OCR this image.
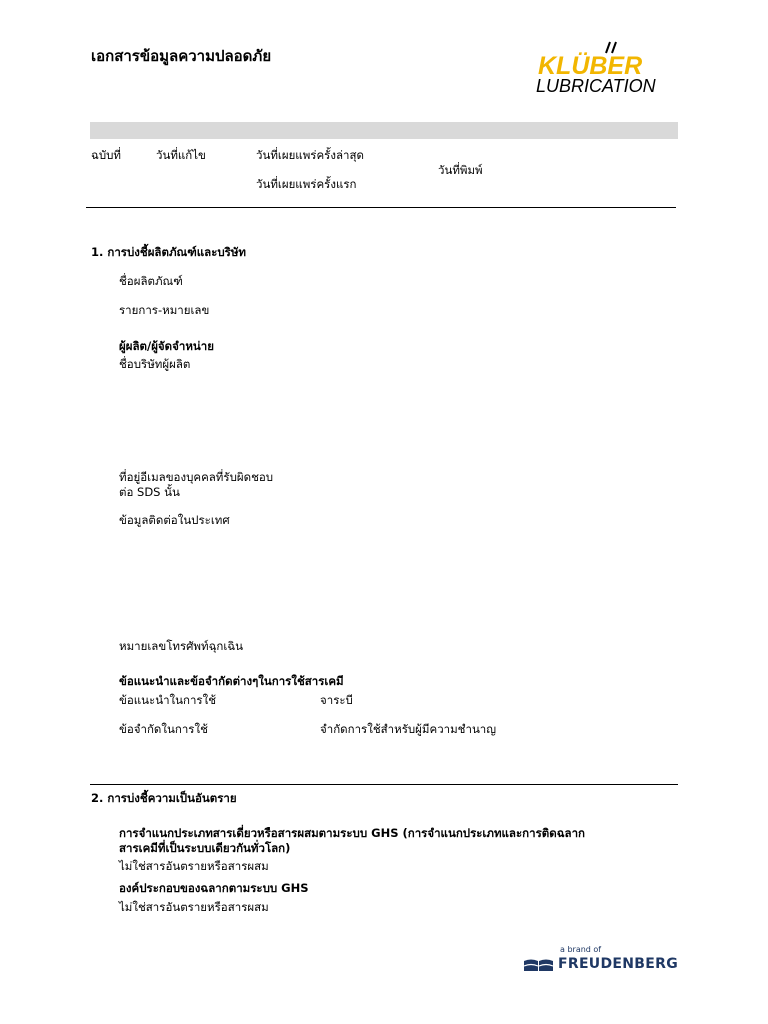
เอกสารข้อมูลความปลอดภัย	KLÜBER
LUBRICATION
ฉบับที่	วันที่แก้ไข	วันที่เผยแพร่ครั้งล่าสุด
วันที่เผยแพร่ครั้งแรก
วันที่พิมพ์
1. การบ่งชี้ผลิตภัณฑ์และบริษัท
ชื่อผลิตภัณฑ์
รายการ-หมายเลข
ผู้ผลิต/ผู้จัดจำหน่าย
ชื่อบริษัทผู้ผลิต
ที่อยู่อีเมลของบุคคลที่รับผิดชอบ
ต่อ SDS นั้น
ข้อมูลติดต่อในประเทศ
หมายเลขโทรศัพท์ฉุกเฉิน
ข้อแนะนำและข้อจำกัดต่างๆในการใช้สารเคมี
ข้อแนะนำในการใช้	จาระบี
ข้อจำกัดในการใช้	จำกัดการใช้สำหรับผู้มีความชำนาญ
2. การบ่งชี้ความเป็นอันตราย
การจำแนกประเภทสารเดี่ยวหรือสารผสมตามระบบ GHS (การจำแนกประเภทและการติดฉลาก
สารเคมีที่เป็นระบบเดียวกันทั่วโลก)
ไม่ใช่สารอันตรายหรือสารผสม
องค์ประกอบของฉลากตามระบบ GHS
ไม่ใช่สารอันตรายหรือสารผสม
a brand of
FREUDENBERG
